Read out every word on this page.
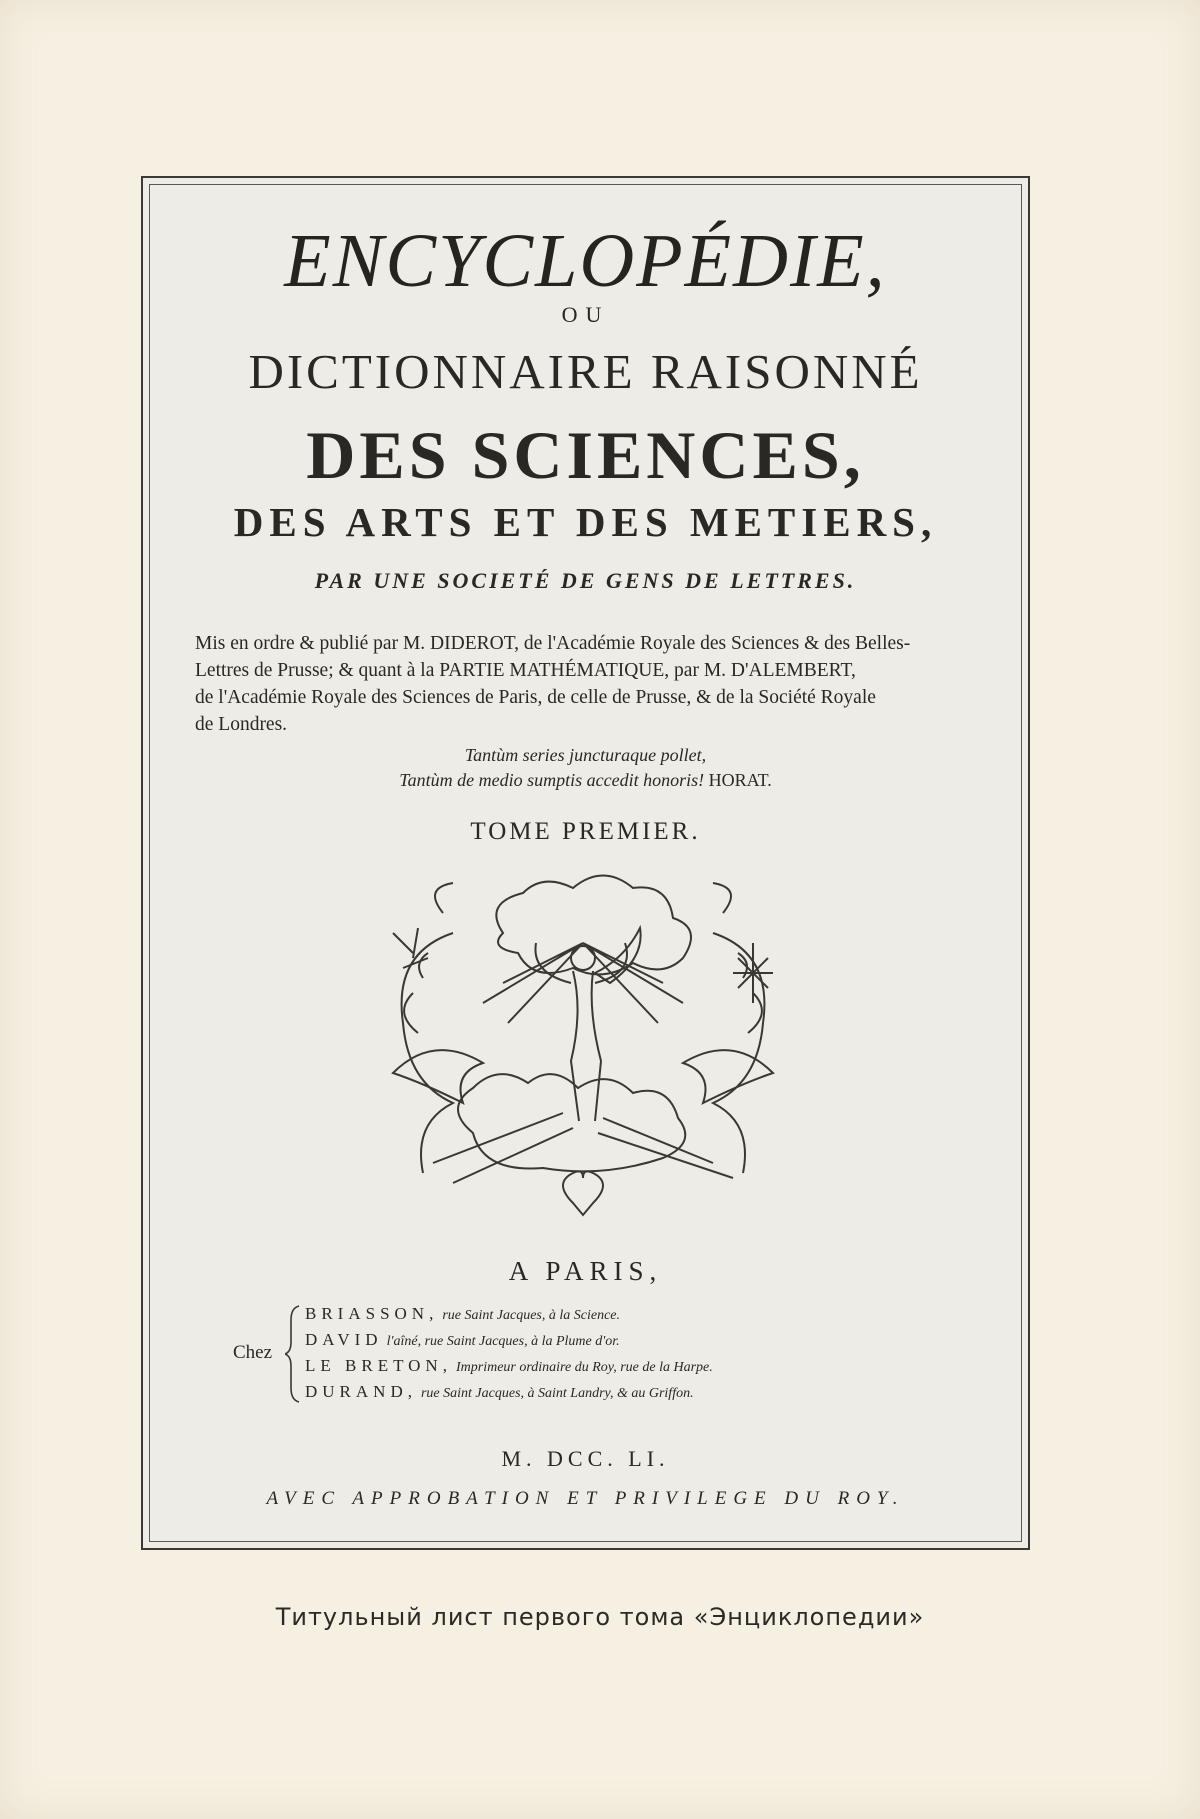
ENCYCLOPÉDIE,
OU
DICTIONNAIRE RAISONNÉ
DES SCIENCES,
DES ARTS ET DES METIERS,
PAR UNE SOCIETÉ DE GENS DE LETTRES.
Mis en ordre & publié par M. DIDEROT, de l'Académie Royale des Sciences & des Belles-
Lettres de Prusse; & quant à la PARTIE MATHÉMATIQUE, par M. D'ALEMBERT,
de l'Académie Royale des Sciences de Paris, de celle de Prusse, & de la Société Royale
de Londres.
Tantùm series juncturaque pollet,
Tantùm de medio sumptis accedit honoris! HORAT.
TOME PREMIER.
A PARIS,
Chez
BRIASSON, rue Saint Jacques, à la Science.
DAVID l'aîné, rue Saint Jacques, à la Plume d'or.
LE BRETON, Imprimeur ordinaire du Roy, rue de la Harpe.
DURAND, rue Saint Jacques, à Saint Landry, & au Griffon.
M. DCC. LI.
AVEC APPROBATION ET PRIVILEGE DU ROY.
Титульный лист первого тома «Энциклопедии»
